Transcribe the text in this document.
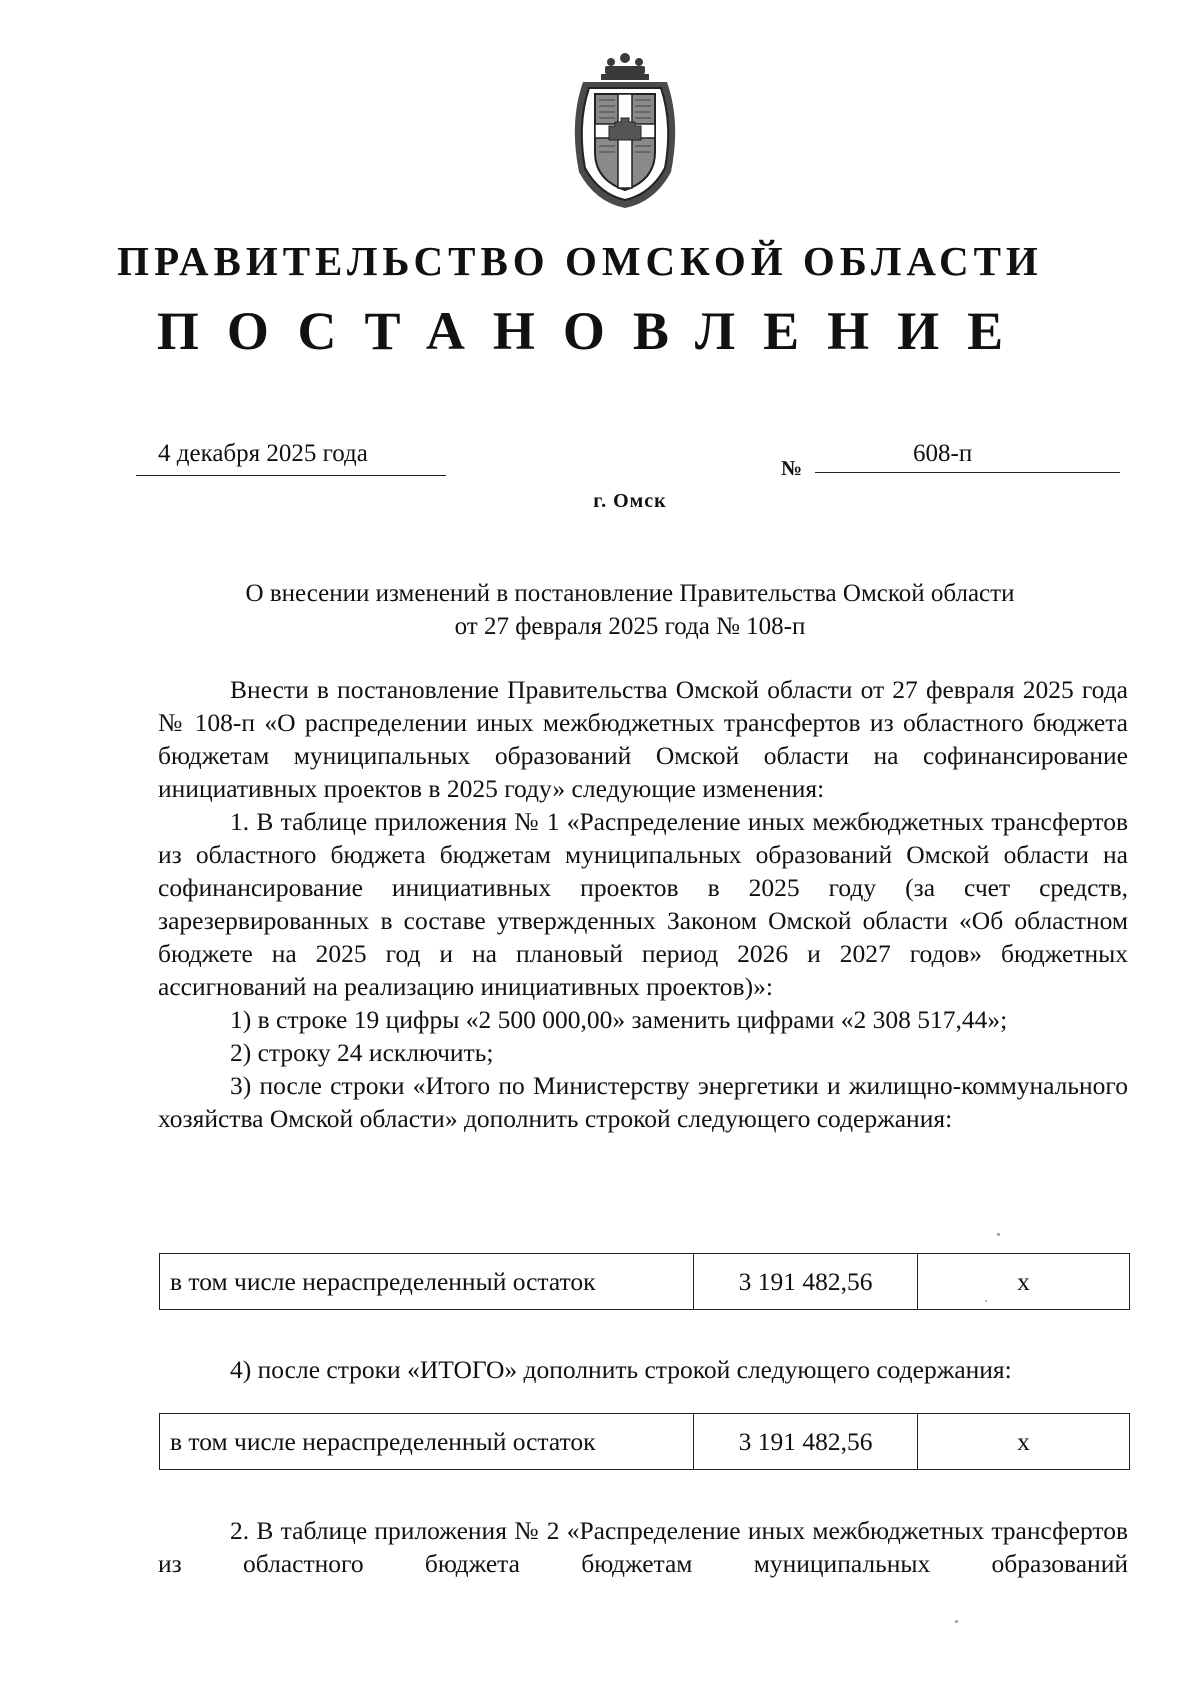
ПРАВИТЕЛЬСТВО ОМСКОЙ ОБЛАСТИ
ПОСТАНОВЛЕНИЕ
4 декабря 2025 года
№
608-п
г. Омск
О внесении изменений в постановление Правительства Омской области
от 27 февраля 2025 года № 108-п

Внести в постановление Правительства Омской области от 27 февраля 2025 года № 108-п «О распределении иных межбюджетных трансфертов из областного бюджета бюджетам муниципальных образований Омской области на софинансирование инициативных проектов в 2025 году» следующие изменения:

1. В таблице приложения № 1 «Распределение иных межбюджетных трансфертов из областного бюджета бюджетам муниципальных образований Омской области на софинансирование инициативных проектов в 2025 году (за счет средств, зарезервированных в составе утвержденных Законом Омской области «Об областном бюджете на 2025 год и на плановый период 2026 и 2027 годов» бюджетных ассигнований на реализацию инициативных проектов)»:

1) в строке 19 цифры «2 500 000,00» заменить цифрами «2 308 517,44»;

2) строку 24 исключить;

3) после строки «Итого по Министерству энергетики и жилищно-коммунального хозяйства Омской области» дополнить строкой следующего содержания:

в том числе нераспределенный остаток	3 191 482,56	х

4) после строки «ИТОГО» дополнить строкой следующего содержания:

в том числе нераспределенный остаток	3 191 482,56	х

2. В таблице приложения № 2 «Распределение иных межбюджетных трансфертов из областного бюджета бюджетам муниципальных образований
